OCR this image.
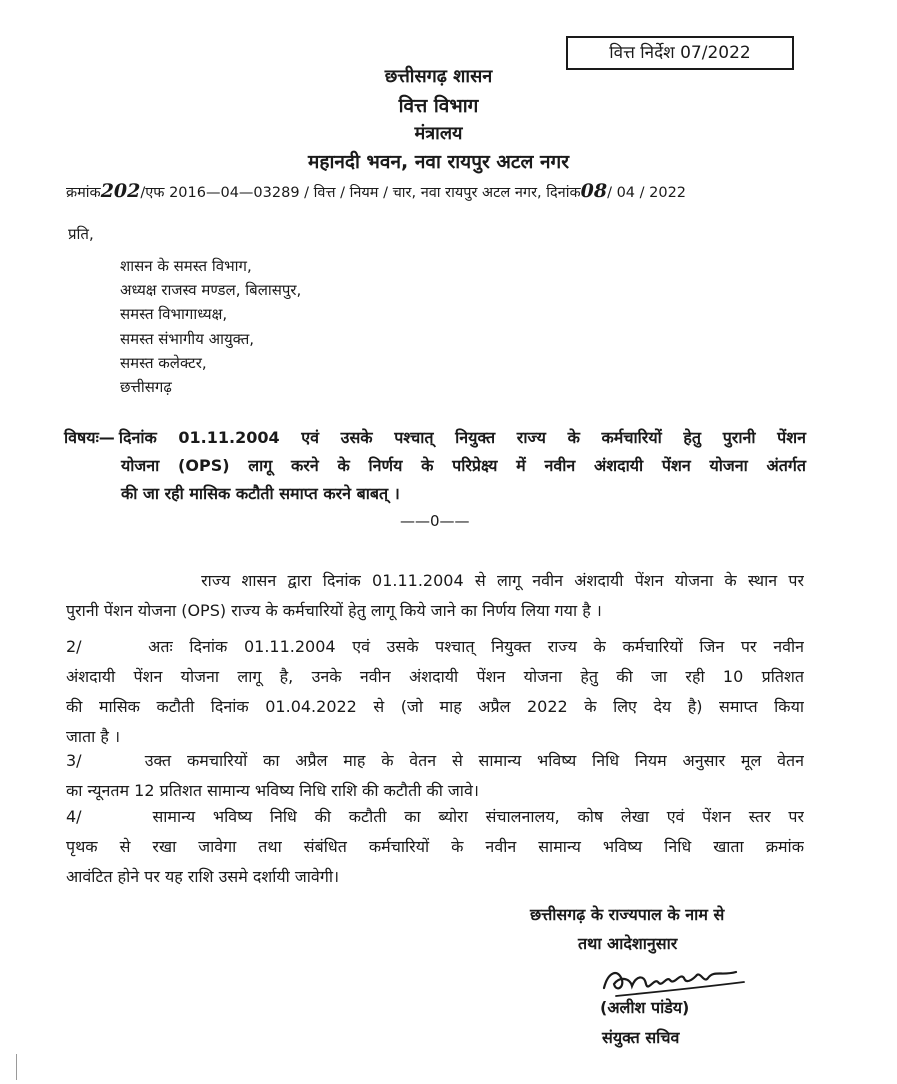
वित्त निर्देश 07/2022
छत्तीसगढ़ शासन
वित्त विभाग
मंत्रालय
महानदी भवन, नवा रायपुर अटल नगर
क्रमांक202/एफ 2016—04—03289 / वित्त / नियम / चार, नवा रायपुर अटल नगर, दिनांक08/ 04 / 2022
प्रति,
शासन के समस्त विभाग,
अध्यक्ष राजस्व मण्डल, बिलासपुर,
समस्त विभागाध्यक्ष,
समस्त संभागीय आयुक्त,
समस्त कलेक्टर,
छत्तीसगढ़
विषयः— दिनांक 01.11.2004 एवं उसके पश्चात् नियुक्त राज्य के कर्मचारियों हेतु पुरानी पेंशन
योजना (OPS) लागू करने के निर्णय के परिप्रेक्ष्य में नवीन अंशदायी पेंशन योजना अंतर्गत
की जा रही मासिक कटौती समाप्त करने बाबत् ।
——0——
राज्य शासन द्वारा दिनांक 01.11.2004 से लागू नवीन अंशदायी पेंशन योजना के स्थान पर
पुरानी पेंशन योजना (OPS) राज्य के कर्मचारियों हेतु लागू किये जाने का निर्णय लिया गया है ।
2/    अतः दिनांक 01.11.2004 एवं उसके पश्चात् नियुक्त राज्य के कर्मचारियों जिन पर नवीन
अंशदायी पेंशन योजना लागू है, उनके नवीन अंशदायी पेंशन योजना हेतु की जा रही 10 प्रतिशत
की मासिक कटौती दिनांक 01.04.2022 से (जो माह अप्रैल 2022 के लिए देय है) समाप्त किया
जाता है ।
3/    उक्त कमचारियों का अप्रैल माह के वेतन से सामान्य भविष्य निधि नियम अनुसार मूल वेतन
का न्यूनतम 12 प्रतिशत सामान्य भविष्य निधि राशि की कटौती की जावे।
4/    सामान्य भविष्य निधि की कटौती का ब्योरा संचालनालय, कोष लेखा एवं पेंशन स्तर पर
पृथक से रखा जावेगा तथा संबंधित कर्मचारियों के नवीन सामान्य भविष्य निधि खाता क्रमांक
आवंटित होने पर यह राशि उसमे दर्शायी जावेगी।
छत्तीसगढ़ के राज्यपाल के नाम से
तथा आदेशानुसार
(अलीश पांडेय)
संयुक्त सचिव
